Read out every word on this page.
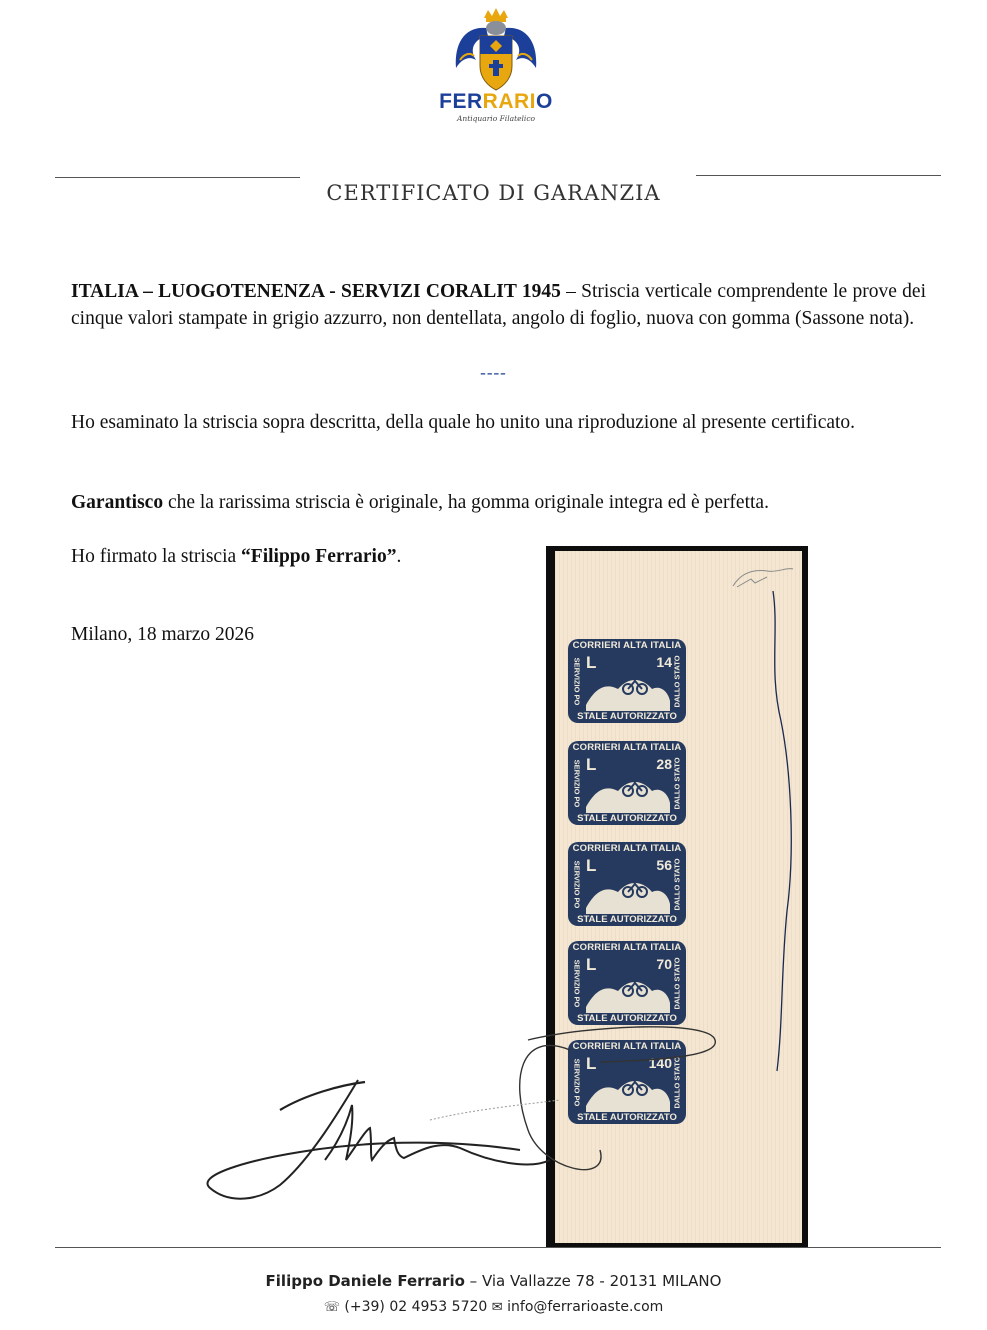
FERRARIO
Antiquario Filatelico
CERTIFICATO DI GARANZIA

ITALIA – LUOGOTENENZA - SERVIZI CORALIT 1945 – Striscia verticale comprendente le prove dei cinque valori stampate in grigio azzurro, non dentellata, angolo di foglio, nuova con gomma (Sassone nota).

----

Ho esaminato la striscia sopra descritta, della quale ho unito una riproduzione al presente certificato.

Garantisco che la rarissima striscia è originale, ha gomma originale integra ed è perfetta.

Ho firmato la striscia “Filippo Ferrario”.

Milano, 18 marzo 2026

CORRIERI ALTA ITALIA
SERVIZIO PO	DALLO STATO
L	14
STALE AUTORIZZATO
CORRIERI ALTA ITALIA
SERVIZIO PO	DALLO STATO
L	28
STALE AUTORIZZATO
CORRIERI ALTA ITALIA
SERVIZIO PO	DALLO STATO
L	56
STALE AUTORIZZATO
CORRIERI ALTA ITALIA
SERVIZIO PO	DALLO STATO
L	70
STALE AUTORIZZATO
CORRIERI ALTA ITALIA
SERVIZIO PO	DALLO STATO
L	140
STALE AUTORIZZATO
Filippo Daniele Ferrario – Via Vallazze 78 - 20131 MILANO
☏ (+39) 02 4953 5720 ✉ info@ferrarioaste.com
